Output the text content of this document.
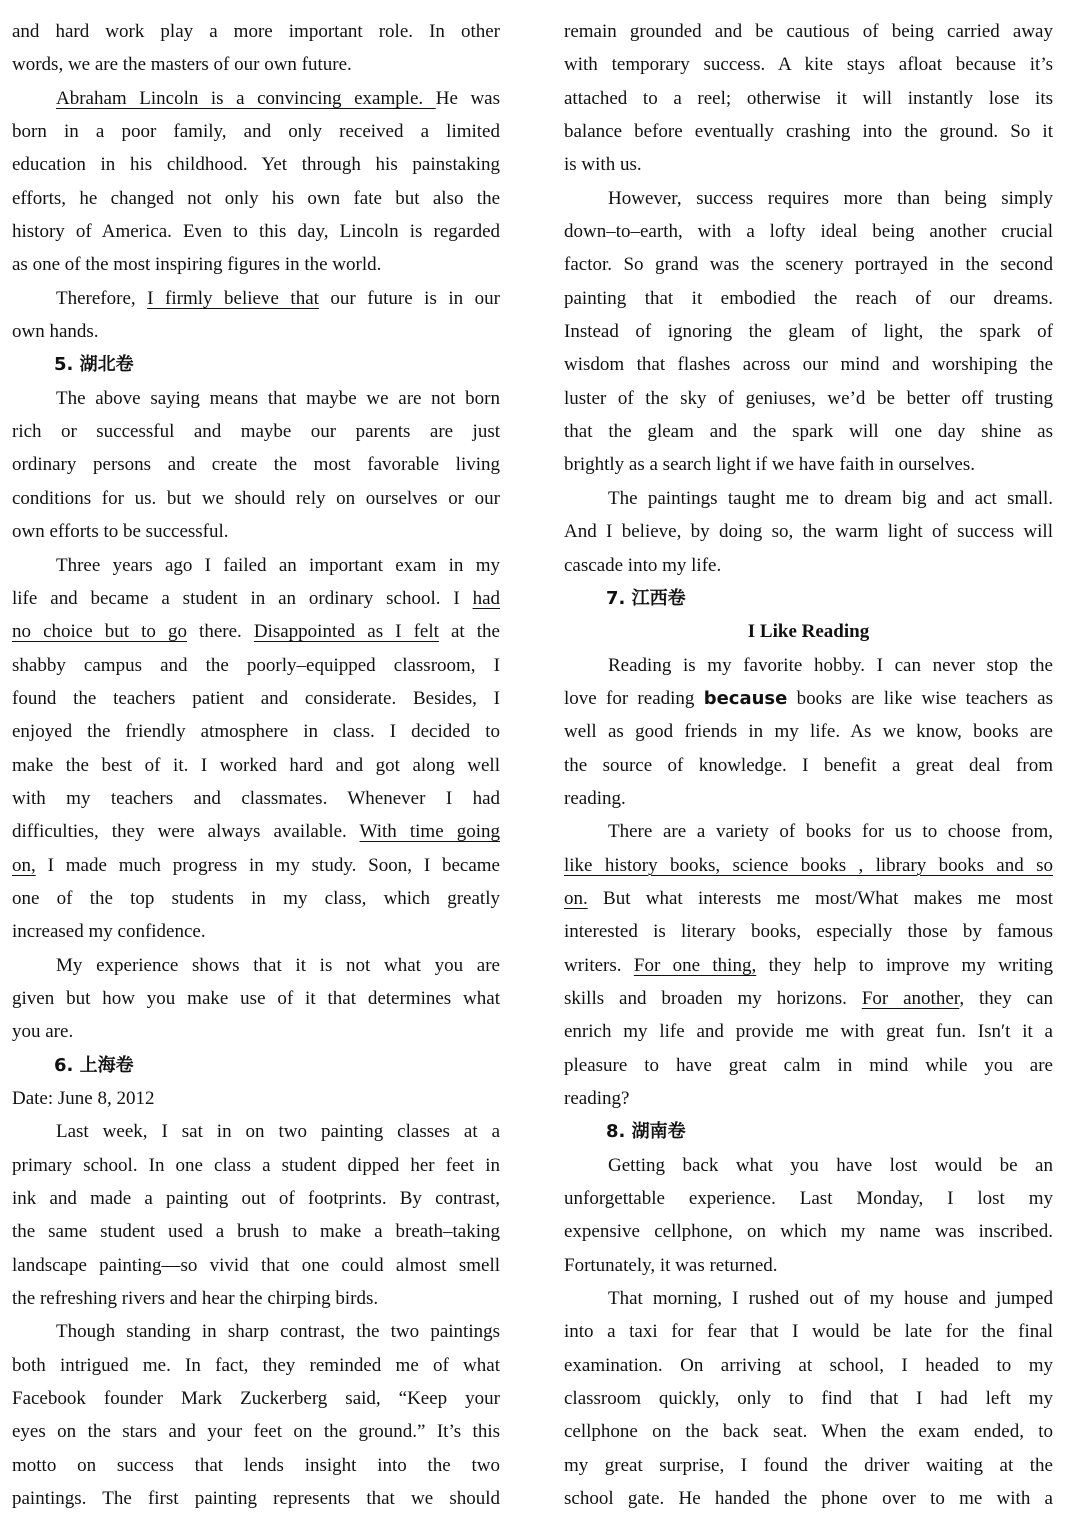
and hard work play a more important role. In other
words, we are the masters of our own future.
Abraham Lincoln is a convincing example. He was
born in a poor family, and only received a limited
education in his childhood. Yet through his painstaking
efforts, he changed not only his own fate but also the
history of America. Even to this day, Lincoln is regarded
as one of the most inspiring figures in the world.
Therefore, I firmly believe that our future is in our
own hands.
5. 湖北卷
The above saying means that maybe we are not born
rich or successful and maybe our parents are just
ordinary persons and create the most favorable living
conditions for us. but we should rely on ourselves or our
own efforts to be successful.
Three years ago I failed an important exam in my
life and became a student in an ordinary school. I had
no choice but to go there. Disappointed as I felt at the
shabby campus and the poorly–equipped classroom, I
found the teachers patient and considerate. Besides, I
enjoyed the friendly atmosphere in class. I decided to
make the best of it. I worked hard and got along well
with my teachers and classmates. Whenever I had
difficulties, they were always available. With time going
on, I made much progress in my study. Soon, I became
one of the top students in my class, which greatly
increased my confidence.
My experience shows that it is not what you are
given but how you make use of it that determines what
you are.
6. 上海卷
Date: June 8, 2012
Last week, I sat in on two painting classes at a
primary school. In one class a student dipped her feet in
ink and made a painting out of footprints. By contrast,
the same student used a brush to make a breath–taking
landscape painting—so vivid that one could almost smell
the refreshing rivers and hear the chirping birds.
Though standing in sharp contrast, the two paintings
both intrigued me. In fact, they reminded me of what
Facebook founder Mark Zuckerberg said, “Keep your
eyes on the stars and your feet on the ground.” It’s this
motto on success that lends insight into the two
paintings. The first painting represents that we should
remain grounded and be cautious of being carried away
with temporary success. A kite stays afloat because it’s
attached to a reel; otherwise it will instantly lose its
balance before eventually crashing into the ground. So it
is with us.
However, success requires more than being simply
down–to–earth, with a lofty ideal being another crucial
factor. So grand was the scenery portrayed in the second
painting that it embodied the reach of our dreams.
Instead of ignoring the gleam of light, the spark of
wisdom that flashes across our mind and worshiping the
luster of the sky of geniuses, we’d be better off trusting
that the gleam and the spark will one day shine as
brightly as a search light if we have faith in ourselves.
The paintings taught me to dream big and act small.
And I believe, by doing so, the warm light of success will
cascade into my life.
7. 江西卷
I Like Reading
Reading is my favorite hobby. I can never stop the
love for reading because books are like wise teachers as
well as good friends in my life. As we know, books are
the source of knowledge. I benefit a great deal from
reading.
There are a variety of books for us to choose from,
like history books, science books , library books and so
on. But what interests me most/What makes me most
interested is literary books, especially those by famous
writers. For one thing, they help to improve my writing
skills and broaden my horizons. For another, they can
enrich my life and provide me with great fun. Isn′t it a
pleasure to have great calm in mind while you are
reading?
8. 湖南卷
Getting back what you have lost would be an
unforgettable experience. Last Monday, I lost my
expensive cellphone, on which my name was inscribed.
Fortunately, it was returned.
That morning, I rushed out of my house and jumped
into a taxi for fear that I would be late for the final
examination. On arriving at school, I headed to my
classroom quickly, only to find that I had left my
cellphone on the back seat. When the exam ended, to
my great surprise, I found the driver waiting at the
school gate. He handed the phone over to me with a
